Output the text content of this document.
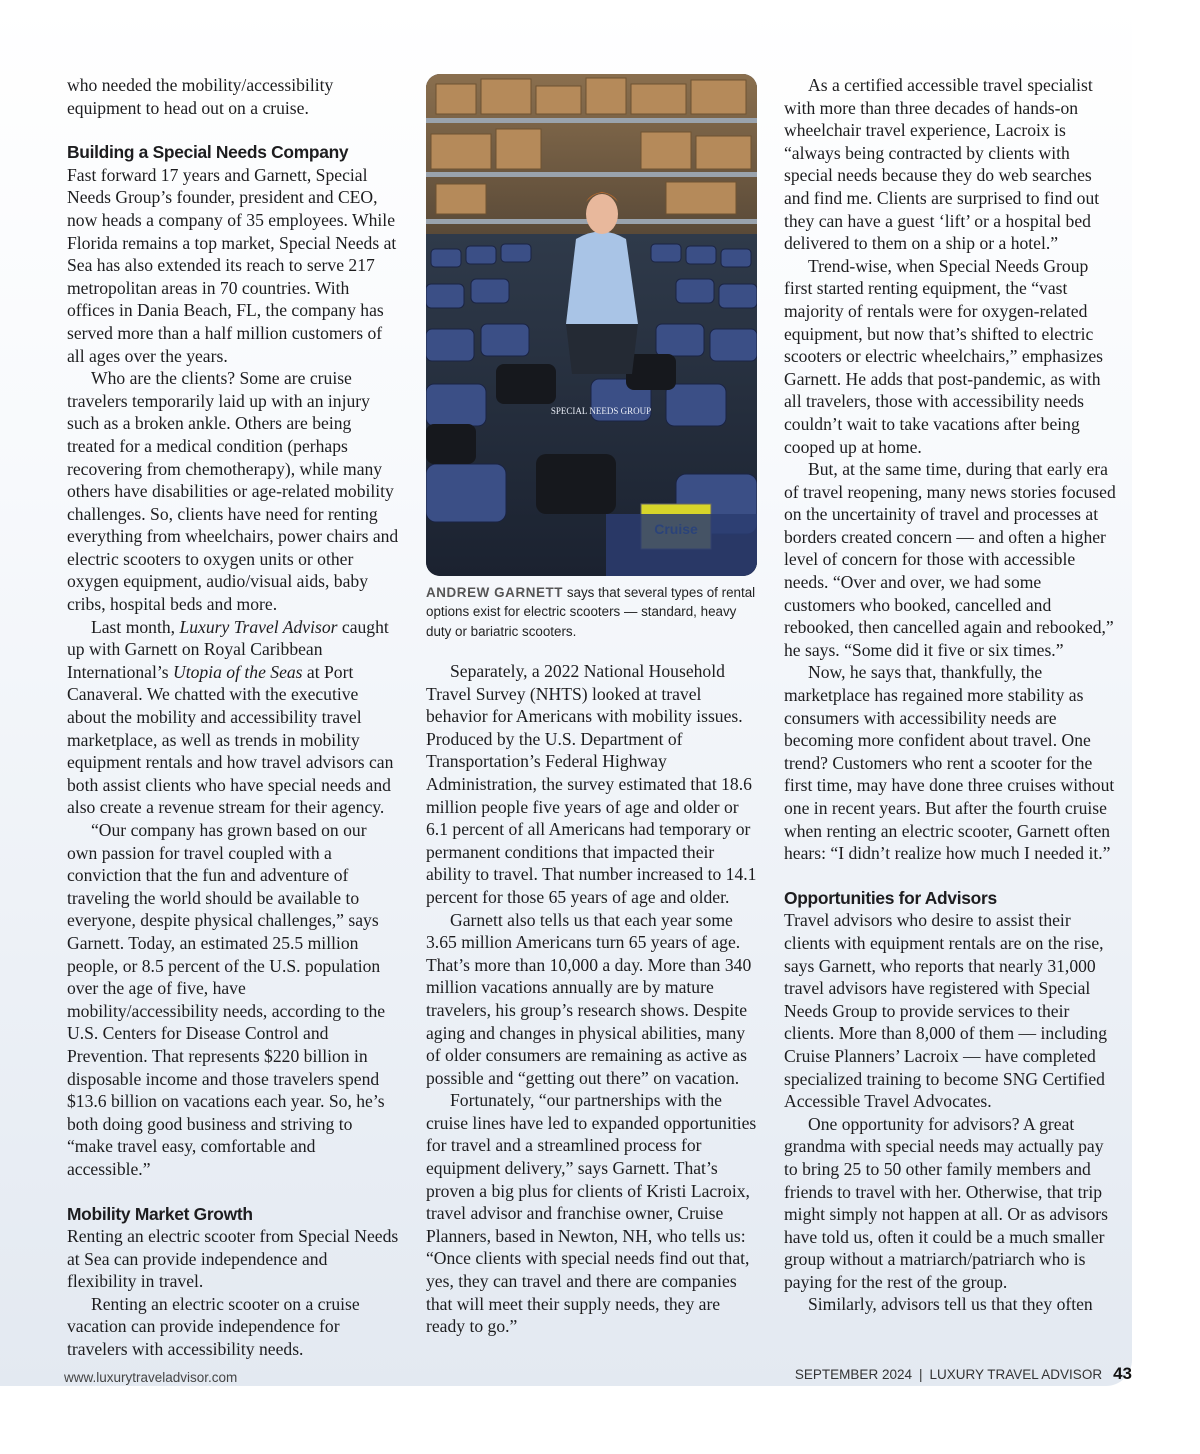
who needed the mobility/accessibility equipment to head out on a cruise.

Building a Special Needs Company

Fast forward 17 years and Garnett, Special Needs Group’s founder, president and CEO, now heads a company of 35 employees. While Florida remains a top market, Special Needs at Sea has also extended its reach to serve 217 metropolitan areas in 70 countries. With offices in Dania Beach, FL, the company has served more than a half million customers of all ages over the years.

Who are the clients? Some are cruise travelers temporarily laid up with an injury such as a broken ankle. Others are being treated for a medical condition (perhaps recovering from chemotherapy), while many others have disabilities or age-related mobility challenges. So, clients have need for renting everything from wheelchairs, power chairs and electric scooters to oxygen units or other oxygen equipment, audio/visual aids, baby cribs, hospital beds and more.

Last month, Luxury Travel Advisor caught up with Garnett on Royal Caribbean International’s Utopia of the Seas at Port Canaveral. We chatted with the executive about the mobility and accessibility travel marketplace, as well as trends in mobility equipment rentals and how travel advisors can both assist clients who have special needs and also create a revenue stream for their agency.

“Our company has grown based on our own passion for travel coupled with a conviction that the fun and adventure of traveling the world should be available to everyone, despite physical challenges,” says Garnett. Today, an estimated 25.5 million people, or 8.5 percent of the U.S. population over the age of five, have mobility/accessibility needs, according to the U.S. Centers for Disease Control and Prevention. That represents $220 billion in disposable income and those travelers spend $13.6 billion on vacations each year. So, he’s both doing good business and striving to “make travel easy, comfortable and accessible.”

Mobility Market Growth

Renting an electric scooter from Special Needs at Sea can provide independence and flexibility in travel.

Renting an electric scooter on a cruise vacation can provide independence for travelers with accessibility needs.

SPECIAL NEEDS GROUP
ANDREW GARNETT says that several types of rental options exist for electric scooters — standard, heavy duty or bariatric scooters.

Separately, a 2022 National Household Travel Survey (NHTS) looked at travel behavior for Americans with mobility issues. Produced by the U.S. Department of Transportation’s Federal Highway Administration, the survey estimated that 18.6 million people five years of age and older or 6.1 percent of all Americans had temporary or permanent conditions that impacted their ability to travel. That number increased to 14.1 percent for those 65 years of age and older.

Garnett also tells us that each year some 3.65 million Americans turn 65 years of age. That’s more than 10,000 a day. More than 340 million vacations annually are by mature travelers, his group’s research shows. Despite aging and changes in physical abilities, many of older consumers are remaining as active as possible and “getting out there” on vacation.

Fortunately, “our partnerships with the cruise lines have led to expanded opportunities for travel and a streamlined process for equipment delivery,” says Garnett. That’s proven a big plus for clients of Kristi Lacroix, travel advisor and franchise owner, Cruise Planners, based in Newton, NH, who tells us: “Once clients with special needs find out that, yes, they can travel and there are companies that will meet their supply needs, they are ready to go.”

As a certified accessible travel specialist with more than three decades of hands-on wheelchair travel experience, Lacroix is “always being contracted by clients with special needs because they do web searches and find me. Clients are surprised to find out they can have a guest ‘lift’ or a hospital bed delivered to them on a ship or a hotel.”

Trend-wise, when Special Needs Group first started renting equipment, the “vast majority of rentals were for oxygen-related equipment, but now that’s shifted to electric scooters or electric wheelchairs,” emphasizes Garnett. He adds that post-pandemic, as with all travelers, those with accessibility needs couldn’t wait to take vacations after being cooped up at home.

But, at the same time, during that early era of travel reopening, many news stories focused on the uncertainity of travel and processes at borders created concern — and often a higher level of concern for those with accessible needs. “Over and over, we had some customers who booked, cancelled and rebooked, then cancelled again and rebooked,” he says. “Some did it five or six times.”

Now, he says that, thankfully, the marketplace has regained more stability as consumers with accessibility needs are becoming more confident about travel. One trend? Customers who rent a scooter for the first time, may have done three cruises without one in recent years. But after the fourth cruise when renting an electric scooter, Garnett often hears: “I didn’t realize how much I needed it.”

Opportunities for Advisors

Travel advisors who desire to assist their clients with equipment rentals are on the rise, says Garnett, who reports that nearly 31,000 travel advisors have registered with Special Needs Group to provide services to their clients. More than 8,000 of them — including Cruise Planners’ Lacroix — have completed specialized training to become SNG Certified Accessible Travel Advocates.

One opportunity for advisors? A great grandma with special needs may actually pay to bring 25 to 50 other family members and friends to travel with her. Otherwise, that trip might simply not happen at all. Or as advisors have told us, often it could be a much smaller group without a matriarch/patriarch who is paying for the rest of the group.

Similarly, advisors tell us that they often

www.luxurytraveladvisor.com	SEPTEMBER 2024 | LUXURY TRAVEL ADVISOR 43
